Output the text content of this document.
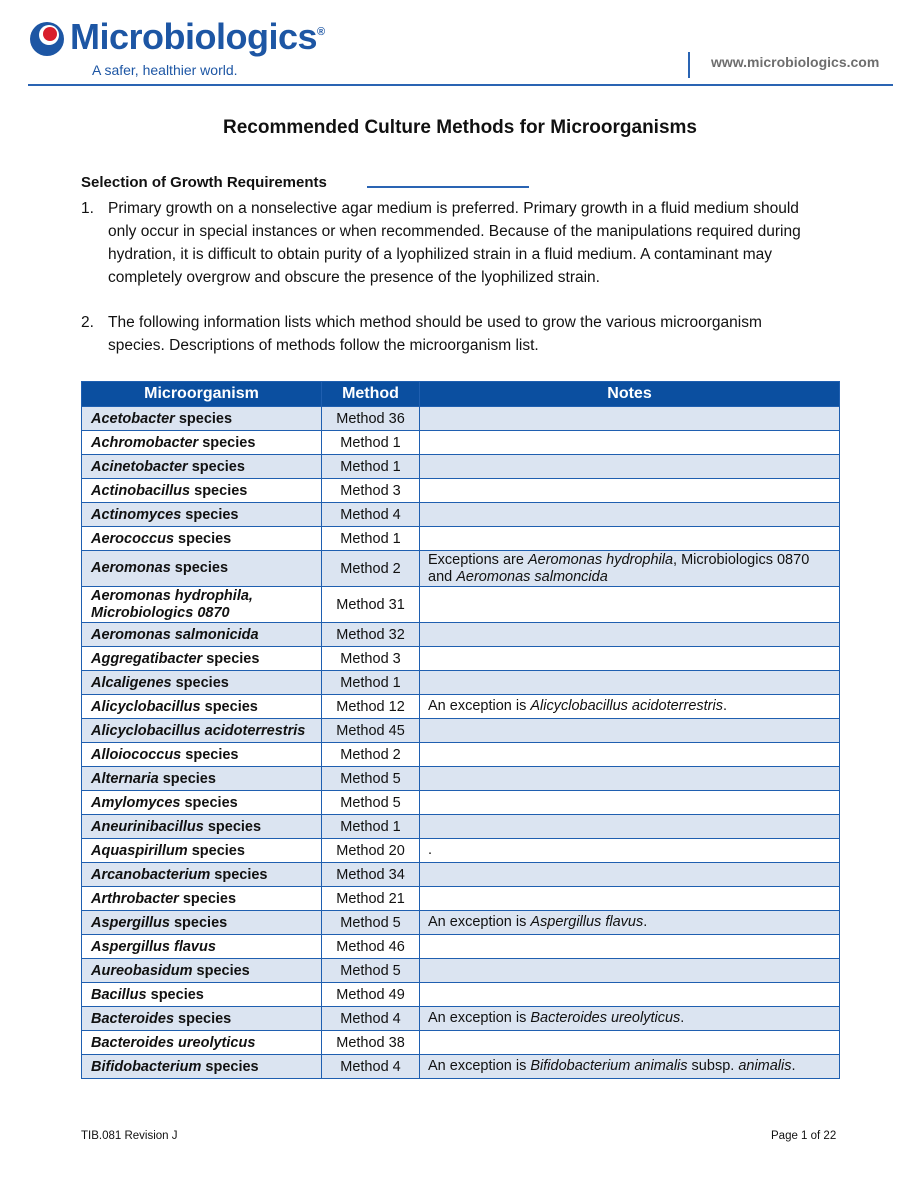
Microbiologics®
A safer, healthier world.	www.microbiologics.com
Recommended Culture Methods for Microorganisms
Selection of Growth Requirements
1. Primary growth on a nonselective agar medium is preferred. Primary growth in a fluid medium should only occur in special instances or when recommended. Because of the manipulations required during hydration, it is difficult to obtain purity of a lyophilized strain in a fluid medium. A contaminant may completely overgrow and obscure the presence of the lyophilized strain.
2. The following information lists which method should be used to grow the various microorganism species. Descriptions of methods follow the microorganism list.
Microorganism	Method	Notes
Acetobacter species	Method 36	
Achromobacter species	Method 1	
Acinetobacter species	Method 1	
Actinobacillus species	Method 3	
Actinomyces species	Method 4	
Aerococcus species	Method 1	
Aeromonas species	Method 2	Exceptions are Aeromonas hydrophila, Microbiologics 0870 and Aeromonas salmoncida
Aeromonas hydrophila,
Microbiologics 0870	Method 31	
Aeromonas salmonicida	Method 32	
Aggregatibacter species	Method 3	
Alcaligenes species	Method 1	
Alicyclobacillus species	Method 12	An exception is Alicyclobacillus acidoterrestris.
Alicyclobacillus acidoterrestris	Method 45	
Alloiococcus species	Method 2	
Alternaria species	Method 5	
Amylomyces species	Method 5	
Aneurinibacillus species	Method 1	
Aquaspirillum species	Method 20	.
Arcanobacterium species	Method 34	
Arthrobacter species	Method 21	
Aspergillus species	Method 5	An exception is Aspergillus flavus.
Aspergillus flavus	Method 46	
Aureobasidum species	Method 5	
Bacillus species	Method 49	
Bacteroides species	Method 4	An exception is Bacteroides ureolyticus.
Bacteroides ureolyticus	Method 38	
Bifidobacterium species	Method 4	An exception is Bifidobacterium animalis subsp. animalis.
TIB.081 Revision J	Page 1 of 22
